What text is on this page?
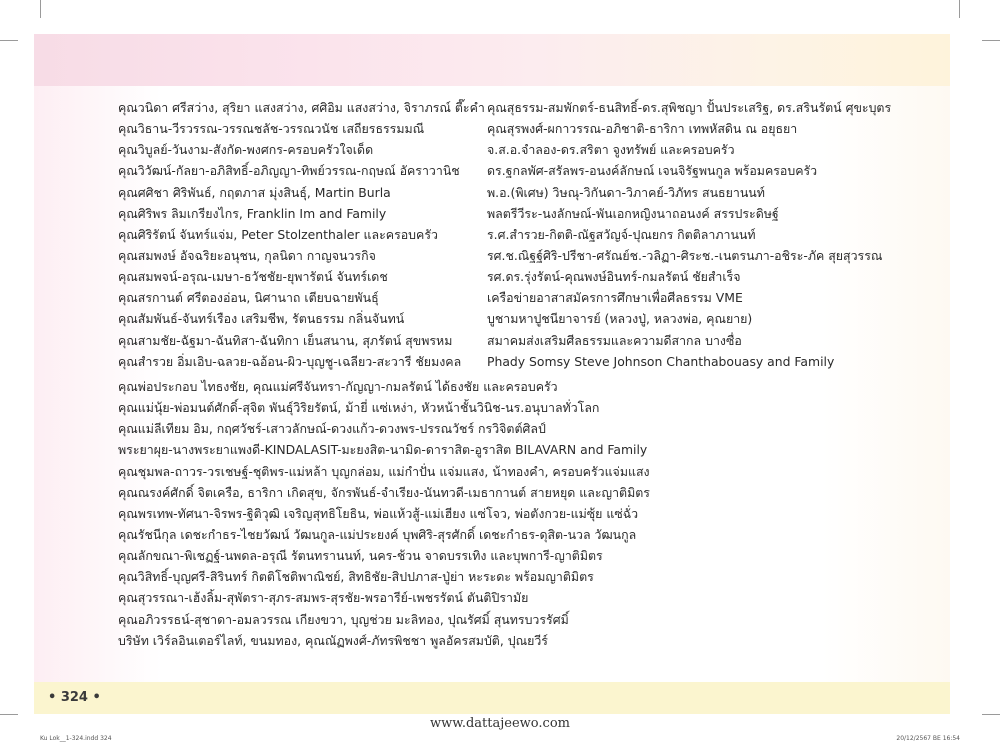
คุณวนิดา ศรีสว่าง, สุริยา แสงสว่าง, ศศิอิม แสงสว่าง, จิราภรณ์ ตี๊ะคำ
คุณวิธาน-วีรวรรณ-วรรณชลัช-วรรณวนัช เสถียรธรรมมณี
คุณวิบูลย์-วันงาม-สังกัด-พงศกร-ครอบครัวใจเด็ด
คุณวิวัฒน์-กัลยา-อภิสิทธิ์-อภิญญา-ทิพย์วรรณ-กฤษณ์ อัคราวานิช
คุณศศิชา ศิริพันธ์, กฤตภาส มุ่งสินธุ์, Martin Burla
คุณศิริพร ลิมเกรียงไกร, Franklin Im and Family
คุณศิริรัตน์ จันทร์แจ่ม, Peter Stolzenthaler และครอบครัว
คุณสมพงษ์ อัจฉริยะอนุชน, กุลนิดา กาญจนวรกิจ
คุณสมพจน์-อรุณ-เมษา-ธวัชชัย-ยุพารัตน์ จันทร์เดช
คุณสรกานต์ ศรีตองอ่อน, นิศานาถ เตียบฉายพันธุ์
คุณสัมพันธ์-จันทร์เรือง เสริมชีพ, รัตนธรรม กลิ่นจันทน์
คุณสามชัย-ฉัฐมา-ฉันทิสา-ฉันทิกา เย็นสนาน, สุภรัตน์ สุขพรหม
คุณสำรวย อิ่มเอิบ-ฉลวย-ฉอ้อน-ผิว-บุญชู-เฉลียว-สะวารี ชัยมงคล
คุณสุธรรม-สมพักตร์-ธนสิทธิ์-ดร.สุพิชญา ปั้นประเสริฐ, ดร.สรินรัตน์ ศุขะบุตร
คุณสุรพงศ์-ผกาวรรณ-อภิชาติ-ธาริกา เทพหัสดิน ณ อยุธยา
จ.ส.อ.จำลอง-ดร.สริตา จูงทรัพย์ และครอบครัว
ดร.ฐกลพัศ-สรัลพร-อนงค์ลักษณ์ เจนจิรัฐพนกูล พร้อมครอบครัว
พ.อ.(พิเศษ) วิษณุ-วิกันดา-วิภาคย์-วิภัทร สนธยานนท์
พลตรีวีระ-นงลักษณ์-พันเอกหญิงนาถอนงค์ สรรประดิษฐ์
ร.ศ.สำรวย-กิตติ-ณัฐสวัญจ์-ปุณยกร กิตติลาภานนท์
รศ.ช.ณิฐฐ์ศิริ-ปรีชา-ศรัณย์ช.-วลิฏา-ศิระช.-เนตรนภา-อชิระ-ภัค สุยสุวรรณ
รศ.ดร.รุ่งรัตน์-คุณพงษ์อินทร์-กมลรัตน์ ชัยสำเร็จ
เครือข่ายอาสาสมัครการศึกษาเพื่อศีลธรรม VME
บูชามหาปูชนียาจารย์ (หลวงปู่, หลวงพ่อ, คุณยาย)
สมาคมส่งเสริมศีลธรรมและความดีสากล บางซื่อ
Phady Somsy Steve Johnson Chanthabouasy and Family
คุณพ่อประกอบ ไทธงชัย, คุณแม่ศรีจันทรา-กัญญา-กมลรัตน์ ได้ธงชัย และครอบครัว
คุณแม่นุ้ย-พ่อมนต์ศักดิ์-สุจิต พันธุ์วิริยรัตน์, ม้ายี่ แซ่เหง่า, หัวหน้าชั้นวินิช-นร.อนุบาลทั่วโลก
คุณแม่ลีเทียม อิม, กฤศวัชร์-เสาวลักษณ์-ดวงแก้ว-ดวงพร-ปรรณวัชร์ กรวิจิตต์ศิลป์
พระยาผุย-นางพระยาแพงดี-KINDALASIT-มะยงสิต-นามิด-ดาราสิต-อูราสิต BILAVARN and Family
คุณชุมพล-ถาวร-วรเชษฐ์-ชุติพร-แม่หล้า บุญกล่อม, แม่กำปั่น แจ่มแสง, น้าทองคำ, ครอบครัวแจ่มแสง
คุณณรงค์ศักดิ์ จิตเครือ, ธาริกา เกิดสุข, จักรพันธ์-จำเรียง-นันทวดี-เมธากานต์ สายหยุด และญาติมิตร
คุณพรเทพ-ทัศนา-จิรพร-ฐิติวุฒิ เจริญสุทธิโยธิน, พ่อแห้วสู้-แม่เฮียง แซ่โจว, พ่อตังกวย-แม่ซุ้ย แซ่ฉั่ว
คุณรัชนีกุล เดชะกำธร-ไชยวัฒน์ วัฒนกูล-แม่ประยงค์ บุพศิริ-สุรศักดิ์ เดชะกำธร-ดุสิต-นวล วัฒนกูล
คุณลักขณา-พิเชฏฐ์-นพดล-อรุณี รัตนทรานนท์, นคร-ช้วน จาดบรรเทิง และบุพการี-ญาติมิตร
คุณวิสิทธิ์-บุญศรี-สิรินทร์ กิตติโชติพาณิชย์, สิทธิชัย-สิปปภาส-ปู่ย่า หะระดะ พร้อมญาติมิตร
คุณสุวรรณา-เฮ้งลิ้ม-สุพัตรา-สุภร-สมพร-สุรชัย-พรอารีย์-เพชรรัตน์ ตันติปิรามัย
คุณอภิวรรธน์-สุชาดา-อมลวรรณ เกียงขวา, บุญช่วย มะลิทอง, ปุณรัศมิ์ สุนทรบวรรัศมิ์
บริษัท เวิร์ลอินเตอร์ไลท์, ขนมทอง, คุณณัฏพงศ์-ภัทรพิชชา พูลอัครสมบัติ, ปุณยวีร์
• 324 •
www.dattajeewo.com
Ku Lok__1-324.indd 324	20/12/2567 BE 16:54
